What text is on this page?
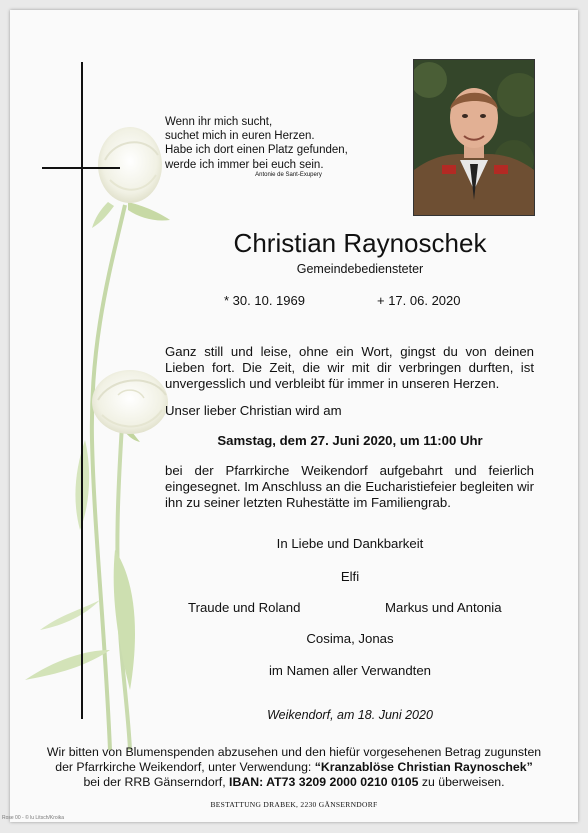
Wenn ihr mich sucht,
suchet mich in euren Herzen.
Habe ich dort einen Platz gefunden,
werde ich immer bei euch sein.
Antonie de Sant-Exupery
Christian Raynoschek
Gemeindebediensteter
* 30. 10. 1969	+ 17. 06. 2020
Ganz still und leise, ohne ein Wort, gingst du von deinen Lieben fort. Die Zeit, die wir mit dir verbringen durften, ist unvergesslich und verbleibt für immer in unseren Herzen.
Unser lieber Christian wird am
Samstag, dem 27. Juni 2020, um 11:00 Uhr
bei der Pfarrkirche Weikendorf aufgebahrt und feierlich eingesegnet. Im Anschluss an die Eucharistiefeier begleiten wir ihn zu seiner letzten Ruhestätte im Familiengrab.
In Liebe und Dankbarkeit
Elfi
Traude und Roland	Markus und Antonia
Cosima, Jonas
im Namen aller Verwandten
Weikendorf, am 18. Juni 2020
Wir bitten von Blumenspenden abzusehen und den hiefür vorgesehenen Betrag zugunsten
der Pfarrkirche Weikendorf, unter Verwendung: “Kranzablöse Christian Raynoschek”
bei der RRB Gänserndorf, IBAN: AT73 3209 2000 0210 0105 zu überweisen.
BESTATTUNG DRABEK, 2230 GÄNSERNDORF
Rose 00 - © lu Litsch/Kroika
